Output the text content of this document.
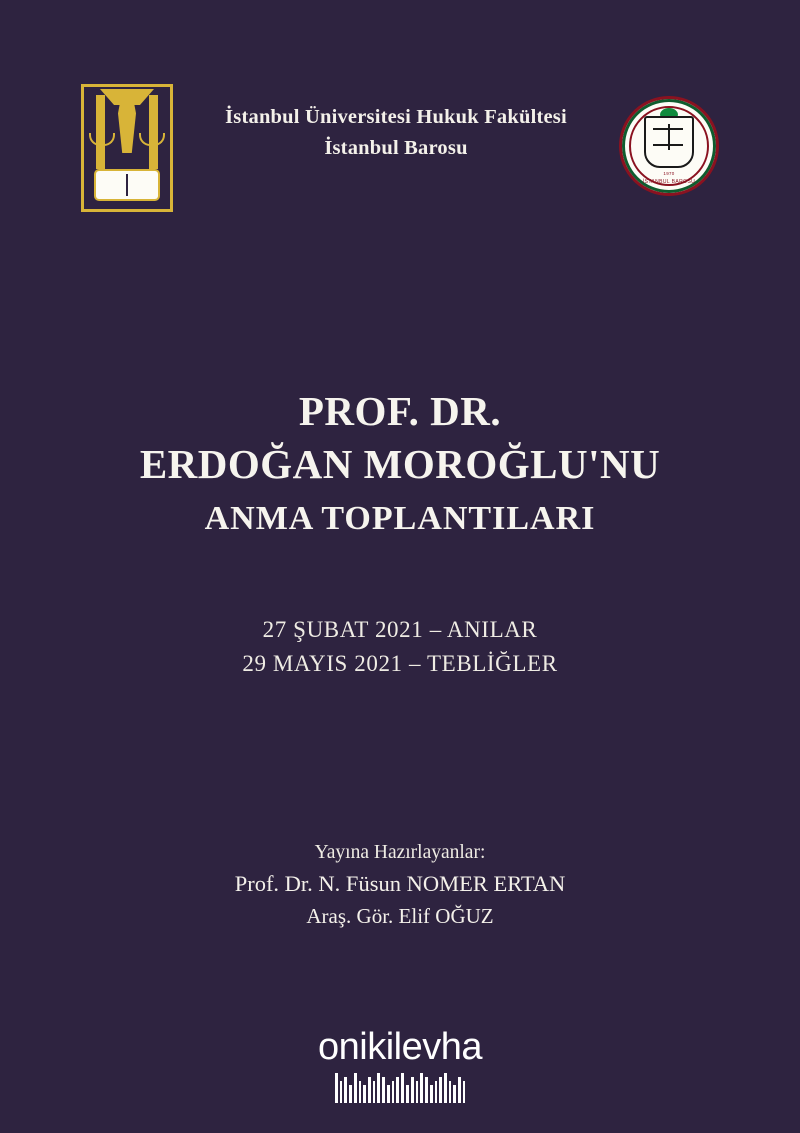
İstanbul Üniversitesi Hukuk Fakültesi
İstanbul Barosu
1970
İSTANBUL BAROSU
PROF. DR.
ERDOĞAN MOROĞLU'NU
ANMA TOPLANTILARI
27 ŞUBAT 2021 – ANILAR
29 MAYIS 2021 – TEBLİĞLER
Yayına Hazırlayanlar:
Prof. Dr. N. Füsun NOMER ERTAN
Araş. Gör. Elif OĞUZ
onikilevha
